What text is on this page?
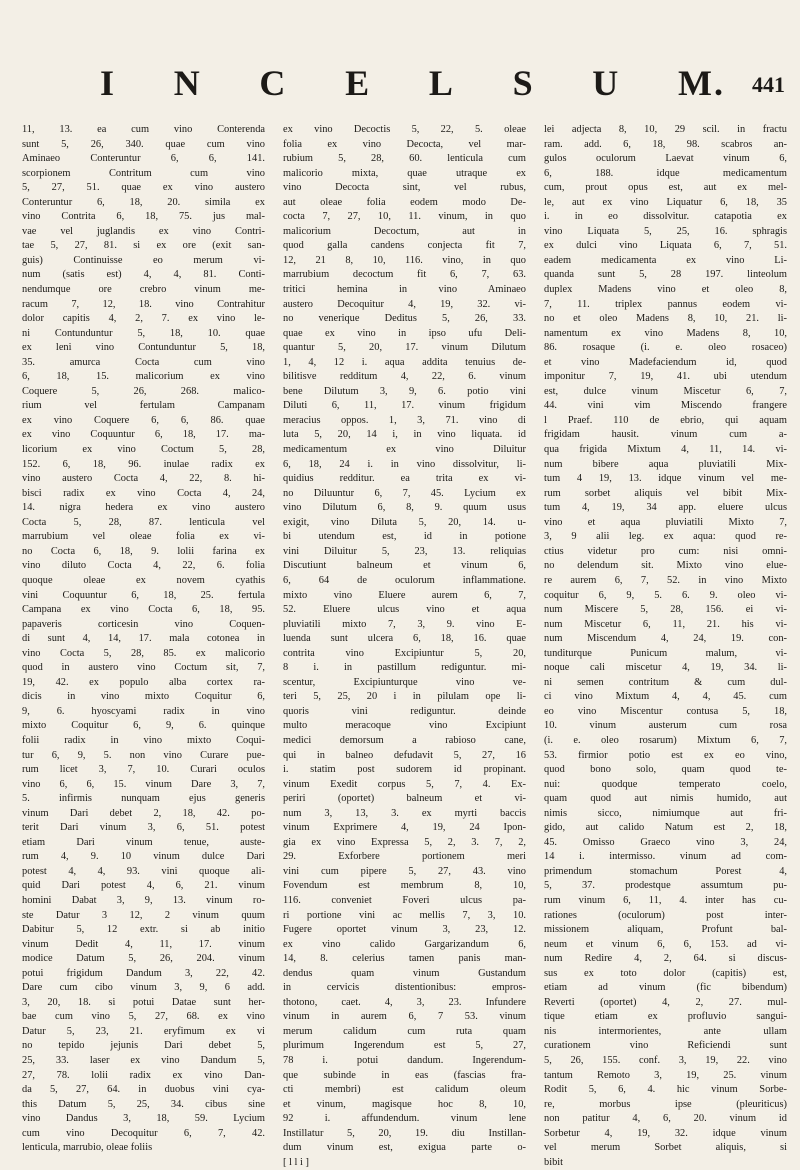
I N C E L S U M. 441
11, 13. ea cum vino Conterenda
sunt 5, 26, 340. quae cum vino
Aminaeo Conteruntur 6, 6, 141.
scorpionem Contritum cum vino
5, 27, 51. quae ex vino austero
Conteruntur 6, 18, 20. simila ex
vino Contrita 6, 18, 75. jus mal-
vae vel juglandis ex vino Contri-
tae 5, 27, 81. si ex ore (exit san-
guis) Continuisse eo merum vi-
num (satis est) 4, 4, 81. Conti-
nendumque ore crebro vinum me-
racum 7, 12, 18. vino Contrahitur
dolor capitis 4, 2, 7. ex vino le-
ni Contunduntur 5, 18, 10. quae
ex leni vino Contunduntur 5, 18,
35. amurca Cocta cum vino
6, 18, 15. malicorium ex vino
Coquere 5, 26, 268. malico-
rium vel fertulam Campanam
ex vino Coquere 6, 6, 86. quae
ex vino Coquuntur 6, 18, 17. ma-
licorium ex vino Coctum 5, 28,
152. 6, 18, 96. inulae radix ex
vino austero Cocta 4, 22, 8. hi-
bisci radix ex vino Cocta 4, 24,
14. nigra hedera ex vino austero
Cocta 5, 28, 87. lenticula vel
marrubium vel oleae folia ex vi-
no Cocta 6, 18, 9. lolii farina ex
vino diluto Cocta 4, 22, 6. folia
quoque oleae ex novem cyathis
vini Coquuntur 6, 18, 25. fertula
Campana ex vino Cocta 6, 18, 95.
papaveris corticesin vino Coquen-
di sunt 4, 14, 17. mala cotonea in
vino Cocta 5, 28, 85. ex malicorio
quod in austero vino Coctum sit, 7,
19, 42. ex populo alba cortex ra-
dicis in vino mixto Coquitur 6,
9, 6. hyoscyami radix in vino
mixto Coquitur 6, 9, 6. quinque
folii radix in vino mixto Coqui-
tur 6, 9, 5. non vino Curare pue-
rum licet 3, 7, 10. Curari oculos
vino 6, 6, 15. vinum Dare 3, 7,
5. infirmis nunquam ejus generis
vinum Dari debet 2, 18, 42. po-
terit Dari vinum 3, 6, 51. potest
etiam Dari vinum tenue, auste-
rum 4, 9. 10 vinum dulce Dari
potest 4, 4, 93. vini quoque ali-
quid Dari potest 4, 6, 21. vinum
homini Dabat 3, 9, 13. vinum ro-
ste Datur 3 12, 2 vinum quum
Dabitur 5, 12 extr. si ab initio
vinum Dedit 4, 11, 17. vinum
modice Datum 5, 26, 204. vinum
potui frigidum Dandum 3, 22, 42.
Dare cum cibo vinum 3, 9, 6 add.
3, 20, 18. si potui Datae sunt her-
bae cum vino 5, 27, 68. ex vino
Datur 5, 23, 21. eryfimum ex vi
no tepido jejunis Dari debet 5,
25, 33. laser ex vino Dandum 5,
27, 78. lolii radix ex vino Dan-
da 5, 27, 64. in duobus vini cya-
this Datum 5, 25, 34. cibus sine
vino Dandus 3, 18, 59. Lycium
cum vino Decoquitur 6, 7, 42.
lenticula, marrubio, oleae foliis
ex vino Decoctis 5, 22, 5. oleae
folia ex vino Decocta, vel mar-
rubium 5, 28, 60. lenticula cum
malicorio mixta, quae utraque ex
vino Decocta sint, vel rubus,
aut oleae folia eodem modo De-
cocta 7, 27, 10, 11. vinum, in quo
malicorium Decoctum, aut in
quod galla candens conjecta fit 7,
12, 21 8, 10, 116. vino, in quo
marrubium decoctum fit 6, 7, 63.
tritici hemina in vino Aminaeo
austero Decoquitur 4, 19, 32. vi-
no venerique Deditus 5, 26, 33.
quae ex vino in ipso ufu Deli-
quantur 5, 20, 17. vinum Dilutum
1, 4, 12 i. aqua addita tenuius de-
bilitisve redditum 4, 22, 6. vinum
bene Dilutum 3, 9, 6. potio vini
Diluti 6, 11, 17. vinum frigidum
meracius oppos. 1, 3, 71. vino di
luta 5, 20, 14 i, in vino liquata. id
medicamentum ex vino Diluitur
6, 18, 24 i. in vino dissolvitur, li-
quidius redditur. ea trita ex vi-
no Diluuntur 6, 7, 45. Lycium ex
vino Dilutum 6, 8, 9. quum usus
exigit, vino Diluta 5, 20, 14. u-
bi utendum est, id in potione
vini Diluitur 5, 23, 13. reliquias
Discutiunt balneum et vinum 6,
6, 64 de oculorum inflammatione.
mixto vino Eluere aurem 6, 7,
52. Eluere ulcus vino et aqua
pluviatili mixto 7, 3, 9. vino E-
luenda sunt ulcera 6, 18, 16. quae
contrita vino Excipiuntur 5, 20,
8 i. in pastillum rediguntur. mi-
scentur, Excipiunturque vino ve-
teri 5, 25, 20 i in pilulam ope li-
quoris vini rediguntur. deinde
multo meracoque vino Excipiunt
medici demorsum a rabioso cane,
qui in balneo defudavit 5, 27, 16
i. statim post sudorem id propinant.
vinum Exedit corpus 5, 7, 4. Ex-
periri (oportet) balneum et vi-
num 3, 13, 3. ex myrti baccis
vinum Exprimere 4, 19, 24 Ipon-
gia ex vino Expressa 5, 2, 3. 7, 2,
29. Exforbere portionem meri
vini cum pipere 5, 27, 43. vino
Fovendum est membrum 8, 10,
116. conveniet Foveri ulcus pa-
ri portione vini ac mellis 7, 3, 10.
Fugere oportet vinum 3, 23, 12.
ex vino calido Gargarizandum 6,
14, 8. celerius tamen panis man-
dendus quam vinum Gustandum
in cervicis distentionibus: empros-
thotono, caet. 4, 3, 23. Infundere
vinum in aurem 6, 7 53. vinum
merum calidum cum ruta quam
plurimum Ingerendum est 5, 27,
78 i. potui dandum. Ingerendum-
que subinde in eas (fascias fra-
cti membri) est calidum oleum
et vinum, magisque hoc 8, 10,
92 i. affundendum. vinum lene
Instillatur 5, 20, 19. diu Instillan-
dum vinum est, exigua parte o-
[ l l i ]
lei adjecta 8, 10, 29 scil. in fractu
ram. add. 6, 18, 98. scabros an-
gulos oculorum Laevat vinum 6,
6, 188. idque medicamentum
cum, prout opus est, aut ex mel-
le, aut ex vino Liquatur 6, 18, 35
i. in eo dissolvitur. catapotia ex
vino Liquata 5, 25, 16. sphragis
ex dulci vino Liquata 6, 7, 51.
eadem medicamenta ex vino Li-
quanda sunt 5, 28 197. linteolum
duplex Madens vino et oleo 8,
7, 11. triplex pannus eodem vi-
no et oleo Madens 8, 10, 21. li-
namentum ex vino Madens 8, 10,
86. rosaque (i. e. oleo rosaceo)
et vino Madefaciendum id, quod
imponitur 7, 19, 41. ubi utendum
est, dulce vinum Miscetur 6, 7,
44. vini vim Miscendo frangere
l Praef. 110 de ebrio, qui aquam
frigidam hausit. vinum cum a-
qua frigida Mixtum 4, 11, 14. vi-
num bibere aqua pluviatili Mix-
tum 4 19, 13. idque vinum vel me-
rum sorbet aliquis vel bibit Mix-
tum 4, 19, 34 app. eluere ulcus
vino et aqua pluviatili Mixto 7,
3, 9 alii leg. ex aqua: quod re-
ctius videtur pro cum: nisi omni-
no delendum sit. Mixto vino elue-
re aurem 6, 7, 52. in vino Mixto
coquitur 6, 9, 5. 6. 9. oleo vi-
num Miscere 5, 28, 156. ei vi-
num Miscetur 6, 11, 21. his vi-
num Miscendum 4, 24, 19. con-
tunditurque Punicum malum, vi-
noque cali miscetur 4, 19, 34. li-
ni semen contritum & cum dul-
ci vino Mixtum 4, 4, 45. cum
eo vino Miscentur contusa 5, 18,
10. vinum austerum cum rosa
(i. e. oleo rosarum) Mixtum 6, 7,
53. firmior potio est ex eo vino,
quod bono solo, quam quod te-
nui: quodque temperato coelo,
quam quod aut nimis humido, aut
nimis sicco, nimiumque aut fri-
gido, aut calido Natum est 2, 18,
45. Omisso Graeco vino 3, 24,
14 i. intermisso. vinum ad com-
primendum stomachum Porest 4,
5, 37. prodestque assumtum pu-
rum vinum 6, 11, 4. inter has cu-
rationes (oculorum) post inter-
missionem aliquam, Profunt bal-
neum et vinum 6, 6, 153. ad vi-
num Redire 4, 2, 64. si discus-
sus ex toto dolor (capitis) est,
etiam ad vinum (fic bibendum)
Reverti (oportet) 4, 2, 27. mul-
tique etiam ex profluvio sangui-
nis intermorientes, ante ullam
curationem vino Reficiendi sunt
5, 26, 155. conf. 3, 19, 22. vino
tantum Remoto 3, 19, 25. vinum
Rodit 5, 6, 4. hic vinum Sorbe-
re, morbus ipse (pleuriticus)
non patitur 4, 6, 20. vinum id
Sorbetur 4, 19, 32. idque vinum
vel merum Sorbet aliquis, si
bibit
